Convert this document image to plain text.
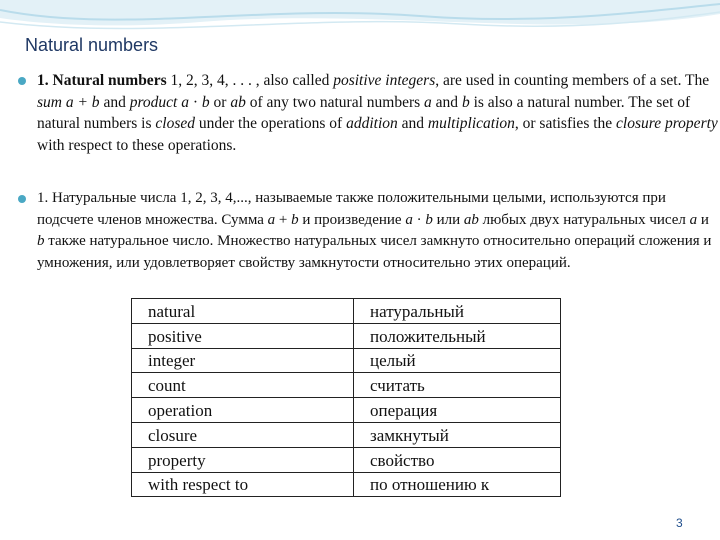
Natural numbers
1. Natural numbers 1, 2, 3, 4, . . . , also called positive integers, are used in counting members of a set. The sum a + b and product a · b or ab of any two natural numbers a and b is also a natural number. The set of natural numbers is closed under the operations of addition and multiplication, or satisfies the closure property with respect to these operations.
1. Натуральные числа 1, 2, 3, 4,..., называемые также положительными целыми, используются при подсчете членов множества. Сумма a + b и произведение a · b или ab любых двух натуральных чисел a и b также натуральное число. Множество натуральных чисел замкнуто относительно операций сложения и умножения, или удовлетворяет свойству замкнутости относительно этих операций.
natural	натуральный
positive	положительный
integer	целый
count	считать
operation	операция
closure	замкнутый
property	свойство
with respect to	по отношению к
3
